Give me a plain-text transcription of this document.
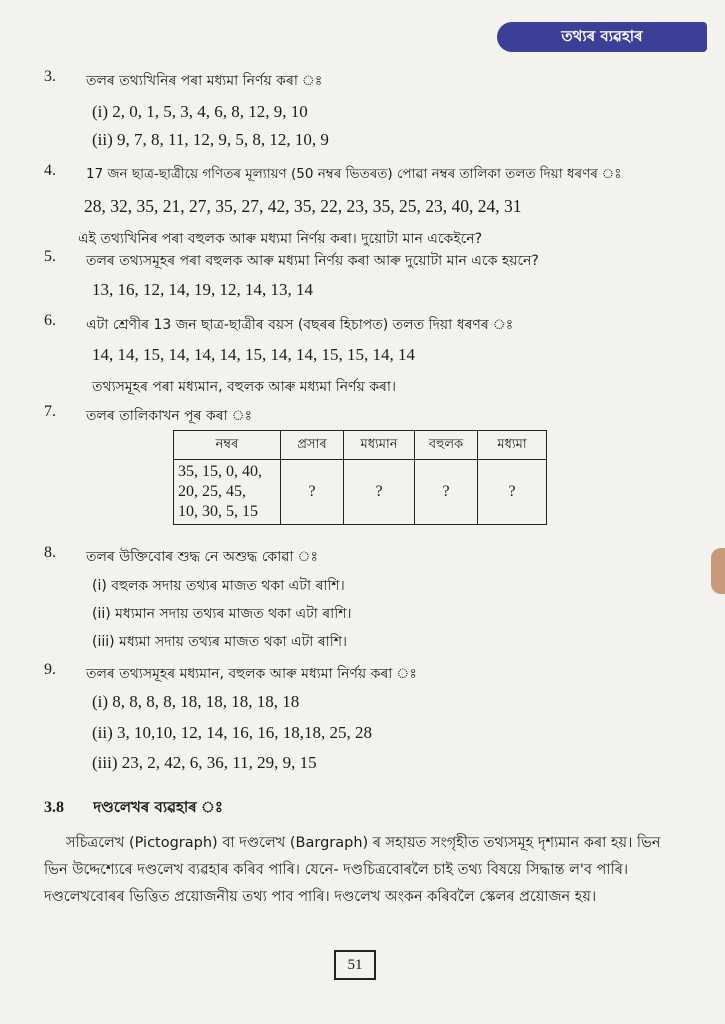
তথ্যৰ ব্যৱহাৰ
3.	তলৰ তথ্যখিনিৰ পৰা মধ্যমা নিৰ্ণয় কৰা ঃ
(i) 2, 0, 1, 5, 3, 4, 6, 8, 12, 9, 10
(ii) 9, 7, 8, 11, 12, 9, 5, 8, 12, 10, 9
4.	17 জন ছাত্ৰ-ছাত্ৰীয়ে গণিতৰ মূল্যায়ণ (50 নম্বৰ ভিতৰত) পোৱা নম্বৰ তালিকা তলত দিয়া ধৰণৰ ঃ
28, 32, 35, 21, 27, 35, 27, 42, 35, 22, 23, 35, 25, 23, 40, 24, 31
এই তথ্যখিনিৰ পৰা বহুলক আৰু মধ্যমা নিৰ্ণয় কৰা। দুয়োটা মান একেইনে?
5.	তলৰ তথ্যসমূহৰ পৰা বহুলক আৰু মধ্যমা নিৰ্ণয় কৰা আৰু দুয়োটা মান একে হয়নে?
13, 16, 12, 14, 19, 12, 14, 13, 14
6.	এটা শ্ৰেণীৰ 13 জন ছাত্ৰ-ছাত্ৰীৰ বয়স (বছৰৰ হিচাপত) তলত দিয়া ধৰণৰ ঃ
14, 14, 15, 14, 14, 14, 15, 14, 14, 15, 15, 14, 14
তথ্যসমূহৰ পৰা মধ্যমান, বহুলক আৰু মধ্যমা নিৰ্ণয় কৰা।
7.	তলৰ তালিকাখন পূৰ কৰা ঃ
নম্বৰ	প্ৰসাৰ	মধ্যমান	বহুলক	মধ্যমা

35, 15, 0, 40,
20, 25, 45,
10, 30, 5, 15	?	?	?	?
8.	তলৰ উক্তিবোৰ শুদ্ধ নে অশুদ্ধ কোৱা ঃ
(i) বহুলক সদায় তথ্যৰ মাজত থকা এটা ৰাশি।
(ii) মধ্যমান সদায় তথ্যৰ মাজত থকা এটা ৰাশি।
(iii) মধ্যমা সদায় তথ্যৰ মাজত থকা এটা ৰাশি।
9.	তলৰ তথ্যসমূহৰ মধ্যমান, বহুলক আৰু মধ্যমা নিৰ্ণয় কৰা ঃ
(i) 8, 8, 8, 8, 18, 18, 18, 18, 18
(ii) 3, 10,10, 12, 14, 16, 16, 18,18, 25, 28
(iii) 23, 2, 42, 6, 36, 11, 29, 9, 15
3.8 দণ্ডলেখৰ ব্যৱহাৰ ঃ
সচিত্ৰলেখ (Pictograph) বা দণ্ডলেখ (Bargraph) ৰ সহায়ত সংগৃহীত তথ্যসমূহ দৃশ্যমান কৰা হয়। ভিন ভিন উদ্দেশ্যেৰে দণ্ডলেখ ব্যৱহাৰ কৰিব পাৰি। যেনে- দণ্ডচিত্ৰবোৰলৈ চাই তথ্য বিষয়ে সিদ্ধান্ত ল'ব পাৰি। দণ্ডলেখবোৰৰ ভিত্তিত প্ৰয়োজনীয় তথ্য পাব পাৰি। দণ্ডলেখ অংকন কৰিবলৈ স্কেলৰ প্ৰয়োজন হয়।
51
